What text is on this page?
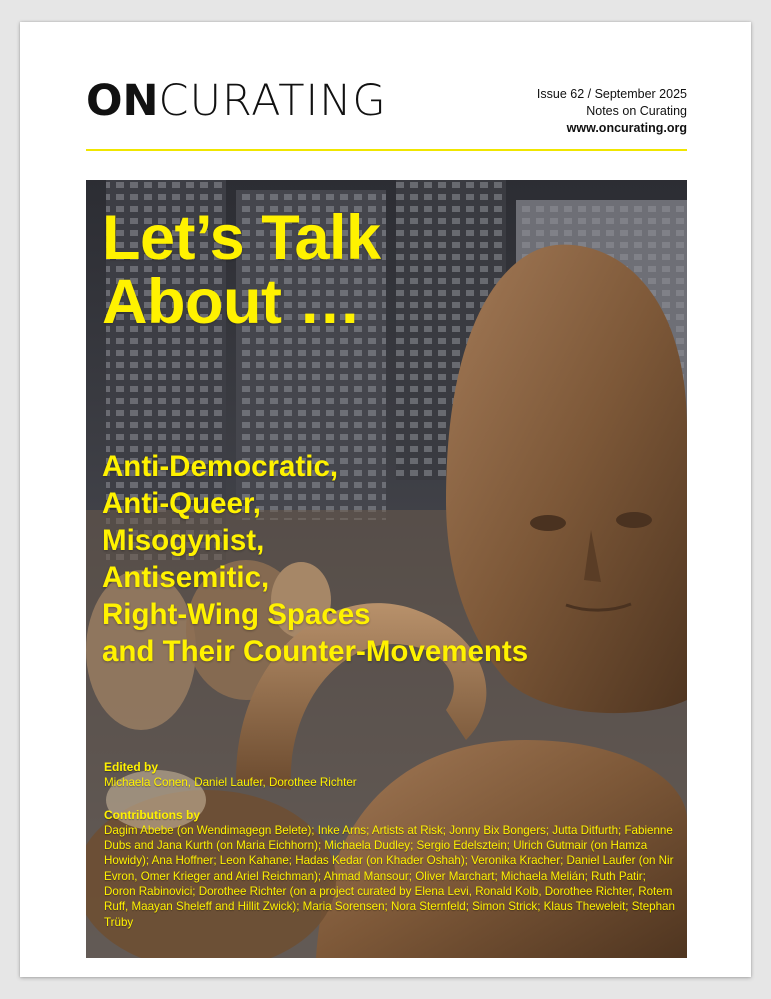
ON CURATING	Issue 62 / September 2025
Notes on Curating
www.oncurating.org
Let’s Talk
About …
Anti-Democratic,
Anti-Queer,
Misogynist,
Antisemitic,
Right-Wing Spaces
and Their Counter-Movements
Edited by
Michaela Conen, Daniel Laufer, Dorothee Richter
Contributions by
Dagim Abebe (on Wendimagegn Belete); Inke Arns; Artists at Risk; Jonny Bix Bongers; Jutta Ditfurth; Fabienne Dubs and Jana Kurth (on Maria Eichhorn); Michaela Dudley; Sergio Edelsztein; Ulrich Gutmair (on Hamza Howidy); Ana Hoffner; Leon Kahane; Hadas Kedar (on Khader Oshah); Veronika Kracher; Daniel Laufer (on Nir Evron, Omer Krieger and Ariel Reichman); Ahmad Mansour; Oliver Marchart; Michaela Melián; Ruth Patir; Doron Rabinovici; Dorothee Richter (on a project curated by Elena Levi, Ronald Kolb, Dorothee Richter, Rotem Ruff, Maayan Sheleff and Hillit Zwick); Maria Sorensen; Nora Sternfeld; Simon Strick; Klaus Theweleit; Stephan Trüby
